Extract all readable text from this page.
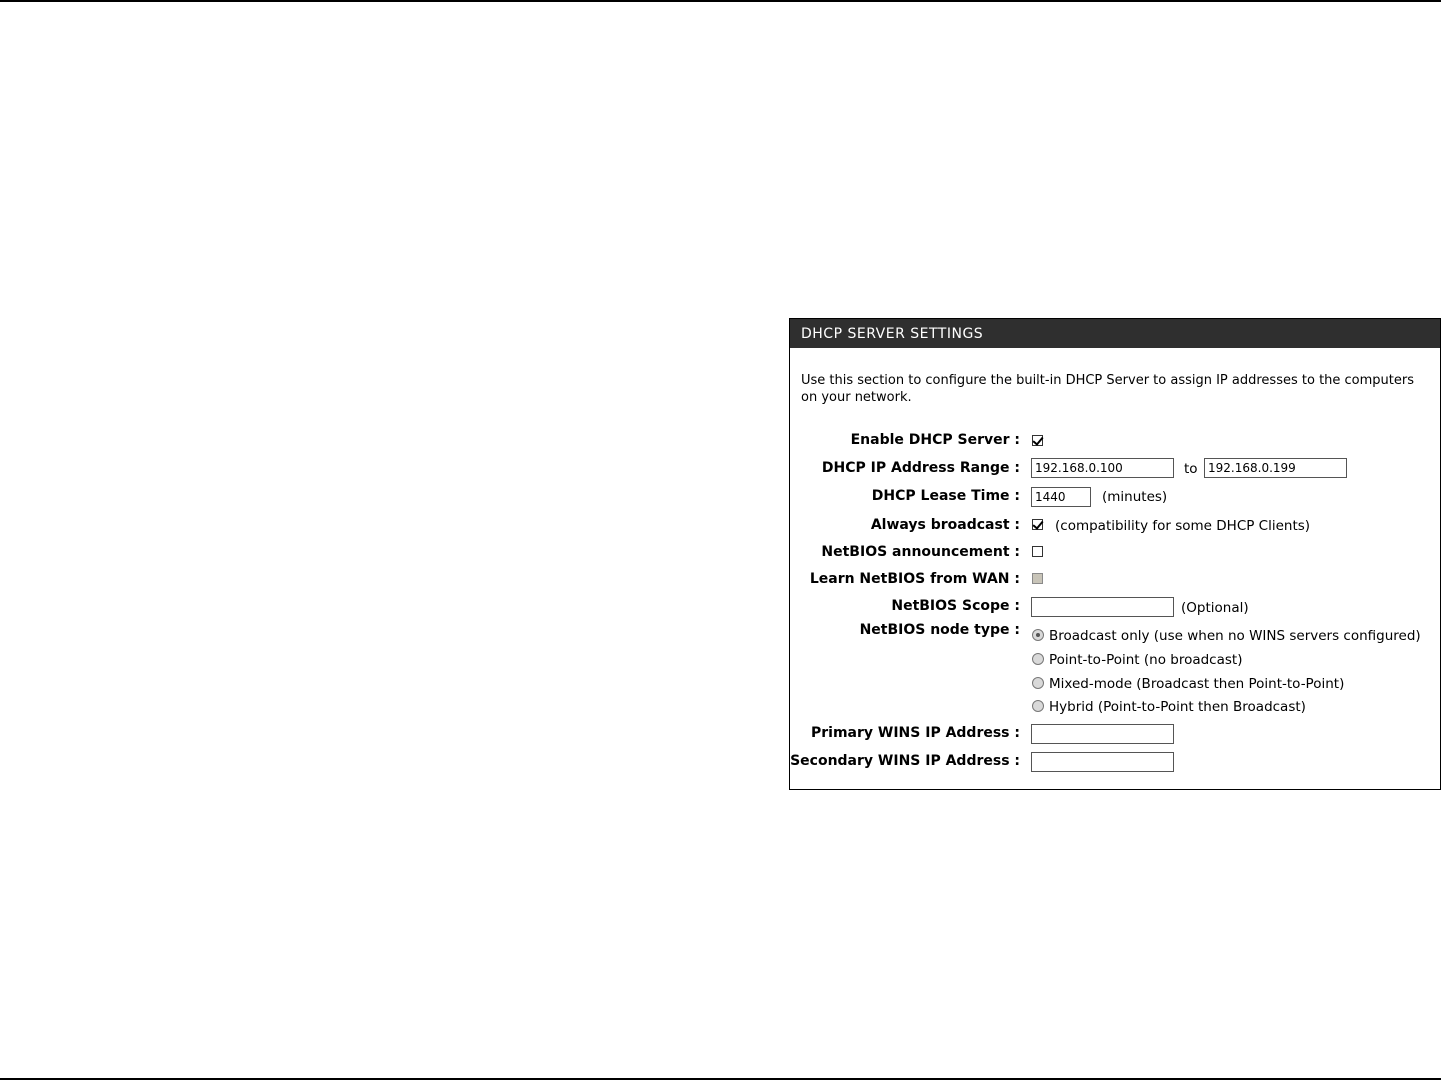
DHCP SERVER SETTINGS
Use this section to configure the built-in DHCP Server to assign IP addresses to the computers on your network.
Enable DHCP Server :
DHCP IP Address Range :
192.168.0.100	to
192.168.0.199
DHCP Lease Time :
1440	(minutes)
Always broadcast :	(compatibility for some DHCP Clients)
NetBIOS announcement :
Learn NetBIOS from WAN :
NetBIOS Scope :	(Optional)
NetBIOS node type : Broadcast only (use when no WINS servers configured)
Point-to-Point (no broadcast)
Mixed-mode (Broadcast then Point-to-Point)
Hybrid (Point-to-Point then Broadcast)
Primary WINS IP Address :
Secondary WINS IP Address :
